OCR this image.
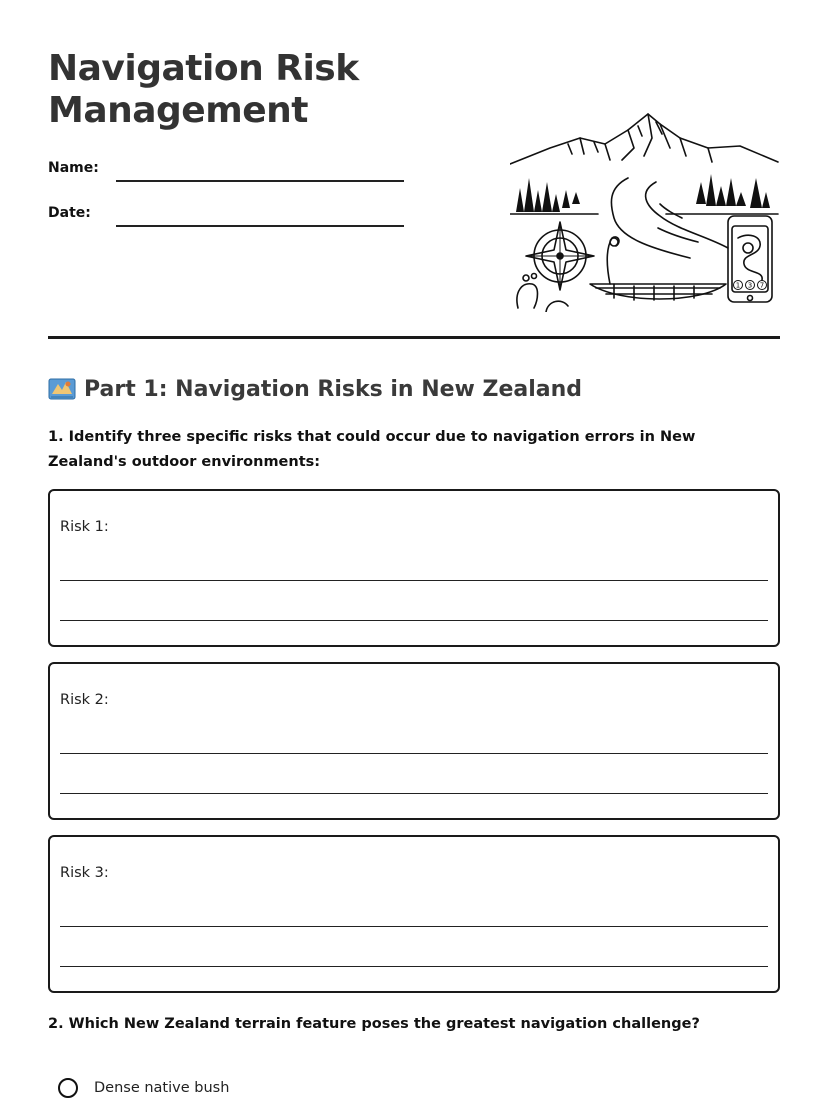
Navigation Risk
Management
Name:
Date:
1 3 7
Part 1: Navigation Risks in New Zealand

1. Identify three specific risks that could occur due to navigation errors in New Zealand's outdoor environments:

Risk 1:
Risk 2:
Risk 3:

2. Which New Zealand terrain feature poses the greatest navigation challenge?

Dense native bush
